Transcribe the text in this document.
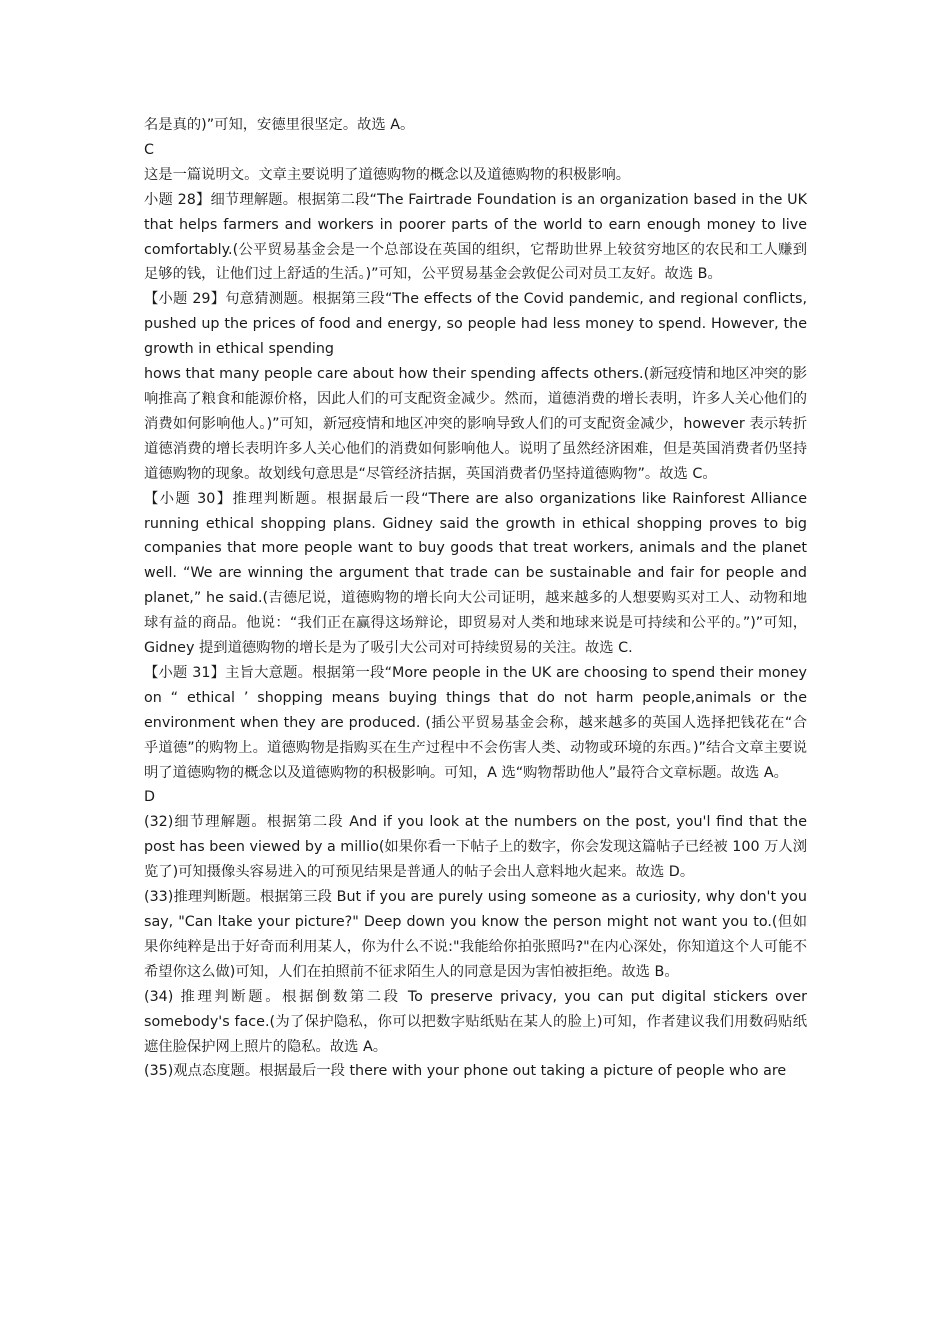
名是真的)”可知，安德里很坚定。故选 A。

C

这是一篇说明文。文章主要说明了道德购物的概念以及道德购物的积极影响。

小题 28】细节理解题。根据第二段“The Fairtrade Foundation is an organization based in the UK that helps farmers and workers in poorer parts of the world to earn enough money to live comfortably.(公平贸易基金会是一个总部设在英国的组织，它帮助世界上较贫穷地区的农民和工人赚到足够的钱，让他们过上舒适的生活。)”可知，公平贸易基金会敦促公司对员工友好。故选 B。

【小题 29】句意猜测题。根据第三段“The effects of the Covid pandemic, and regional conflicts, pushed up the prices of food and energy, so people had less money to spend. However, the growth in ethical spending

hows that many people care about how their spending affects others.(新冠疫情和地区冲突的影响推高了粮食和能源价格，因此人们的可支配资金减少。然而，道德消费的增长表明，许多人关心他们的消费如何影响他人。)”可知，新冠疫情和地区冲突的影响导致人们的可支配资金减少，however 表示转折道德消费的增长表明许多人关心他们的消费如何影响他人。说明了虽然经济困难，但是英国消费者仍坚持道德购物的现象。故划线句意思是“尽管经济拮据，英国消费者仍坚持道德购物”。故选 C。

【小题 30】推理判断题。根据最后一段“There are also organizations like Rainforest Alliance running ethical shopping plans. Gidney said the growth in ethical shopping proves to big companies that more people want to buy goods that treat workers, animals and the planet well. “We are winning the argument that trade can be sustainable and fair for people and planet,” he said.(吉德尼说，道德购物的增长向大公司证明，越来越多的人想要购买对工人、动物和地球有益的商品。他说：“我们正在赢得这场辩论，即贸易对人类和地球来说是可持续和公平的。”)”可知，Gidney 提到道德购物的增长是为了吸引大公司对可持续贸易的关注。故选 C.

【小题 31】主旨大意题。根据第一段“More people in the UK are choosing to spend their money on “ ethical ’ shopping means buying things that do not harm people,animals or the environment when they are produced. (插公平贸易基金会称，越来越多的英国人选择把钱花在“合乎道德”的购物上。道德购物是指购买在生产过程中不会伤害人类、动物或环境的东西。)”结合文章主要说明了道德购物的概念以及道德购物的积极影响。可知，A 选“购物帮助他人”最符合文章标题。故选 A。

D

(32)细节理解题。根据第二段 And if you look at the numbers on the post, you'l find that the post has been viewed by a millio(如果你看一下帖子上的数字，你会发现这篇帖子已经被 100 万人浏览了)可知摄像头容易进入的可预见结果是普通人的帖子会出人意料地火起来。故选 D。

(33)推理判断题。根据第三段 But if you are purely using someone as a curiosity, why don't you say, "Can ltake your picture?" Deep down you know the person might not want you to.(但如果你纯粹是出于好奇而利用某人，你为什么不说:"我能给你拍张照吗?"在内心深处，你知道这个人可能不希望你这么做)可知，人们在拍照前不征求陌生人的同意是因为害怕被拒绝。故选 B。

(34) 推理判断题。根据倒数第二段 To preserve privacy, you can put digital stickers over somebody's face.(为了保护隐私，你可以把数字贴纸贴在某人的脸上)可知，作者建议我们用数码贴纸遮住脸保护网上照片的隐私。故选 A。

(35)观点态度题。根据最后一段 there with your phone out taking a picture of people who are
